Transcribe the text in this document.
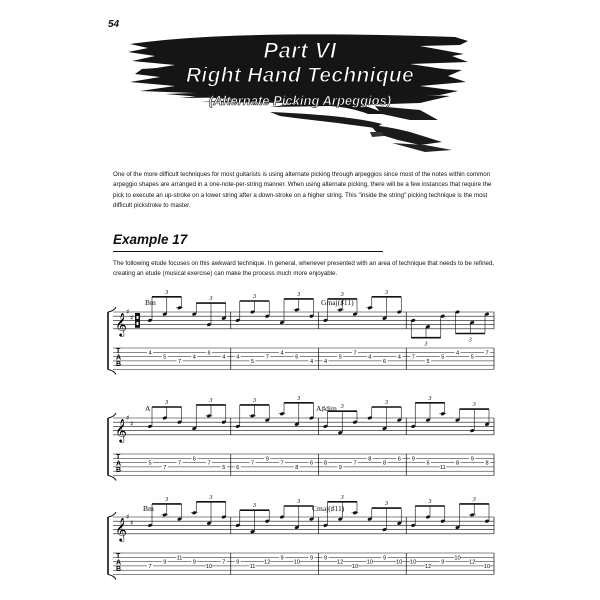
54
Part VI
Right Hand Technique
(Alternate Picking Arpeggios)
One of the more difficult techniques for most guitarists is using alternate picking through arpeggios since most of the notes within common arpeggio shapes are arranged in a one-note-per-string manner. When using alternate picking, there will be a few instances that require the pick to execute an up-stroke on a lower string after a down-stroke on a higher string. This "inside the string" picking technique is the most difficult pickstroke to master.
Example 17
The following etude focuses on this awkward technique. In general, whenever presented with an area of technique that needs to be refined, creating an etude (musical exercise) can make the process much more enjoyable.
Bm	Gmaj(♯11)
A	A♯dim
Bm	Cmaj(♯11)
𝄞 ♯
♯
T
A
B
3
3
4
5
7
4
6
4
3	3
4
5
7
4
6
4
3	3
4
5
7
4
6
4
3
3
7
5
5
4
5
7
𝄞 ♯
♯
T
A
B
3	3
5
7
7
6
7
5
3	3
6
7
9
7
8
6
3
3
8
9
7
8
8
6
3
3
9
6
11
8
9
8
𝄞 ♯
♯
T
A
B
3	3
7
9
11
9
10
7
3
3
9
11
12
9
10
9
3
3
9
12
10
10
9
10
3	3
10
12
9
10
12
10
